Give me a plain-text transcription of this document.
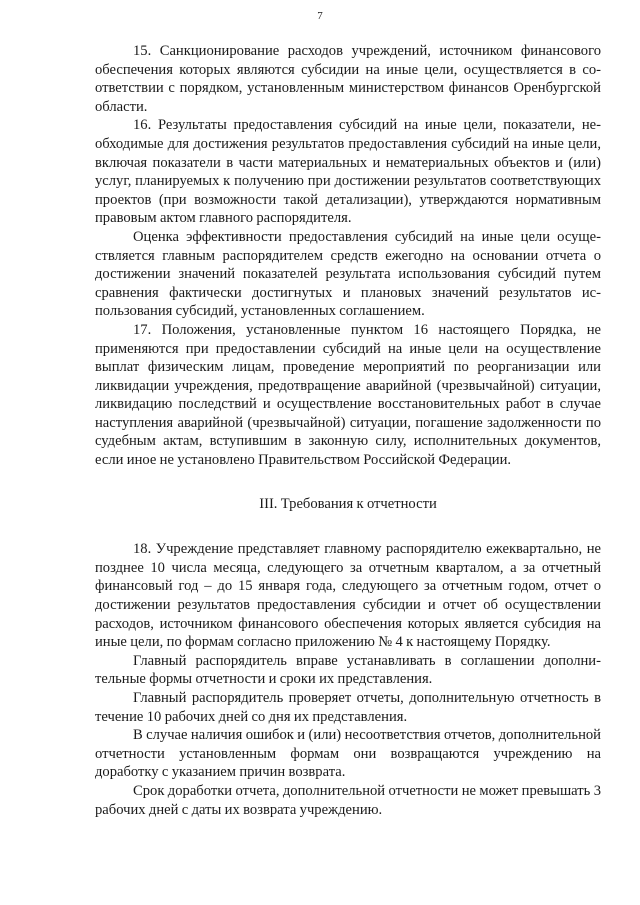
7

15. Санкционирование расходов учреждений, источником финансового обеспечения которых являются субсидии на иные цели, осуществляется в соответствии с порядком, установленным министерством финансов Оренбургской области.

16. Результаты предоставления субсидий на иные цели, показатели, необходимые для достижения результатов предоставления субсидий на иные цели, включая показатели в части материальных и нематериальных объектов и (или) услуг, планируемых к получению при достижении результатов соответствующих проектов (при возможности такой детализации), утверждаются нормативным правовым актом главного распорядителя.

Оценка эффективности предоставления субсидий на иные цели осуществляется главным распорядителем средств ежегодно на основании отчета о достижении значений показателей результата использования субсидий путем сравнения фактически достигнутых и плановых значений результатов использования субсидий, установленных соглашением.

17. Положения, установленные пунктом 16 настоящего Порядка, не применяются при предоставлении субсидий на иные цели на осуществление выплат физическим лицам, проведение мероприятий по реорганизации или ликвидации учреждения, предотвращение аварийной (чрезвычайной) ситуации, ликвидацию последствий и осуществление восстановительных работ в случае наступления аварийной (чрезвычайной) ситуации, погашение задолженности по судебным актам, вступившим в законную силу, исполнительных документов, если иное не установлено Правительством Российской Федерации.

III. Требования к отчетности

18. Учреждение представляет главному распорядителю ежеквартально, не позднее 10 числа месяца, следующего за отчетным кварталом, а за отчетный финансовый год – до 15 января года, следующего за отчетным годом, отчет о достижении результатов предоставления субсидии и отчет об осуществлении расходов, источником финансового обеспечения которых является субсидия на иные цели, по формам согласно приложению № 4 к настоящему Порядку.

Главный распорядитель вправе устанавливать в соглашении дополнительные формы отчетности и сроки их представления.

Главный распорядитель проверяет отчеты, дополнительную отчетность в течение 10 рабочих дней со дня их представления.

В случае наличия ошибок и (или) несоответствия отчетов, дополнительной отчетности установленным формам они возвращаются учреждению на доработку с указанием причин возврата.

Срок доработки отчета, дополнительной отчетности не может превышать 3 рабочих дней с даты их возврата учреждению.
